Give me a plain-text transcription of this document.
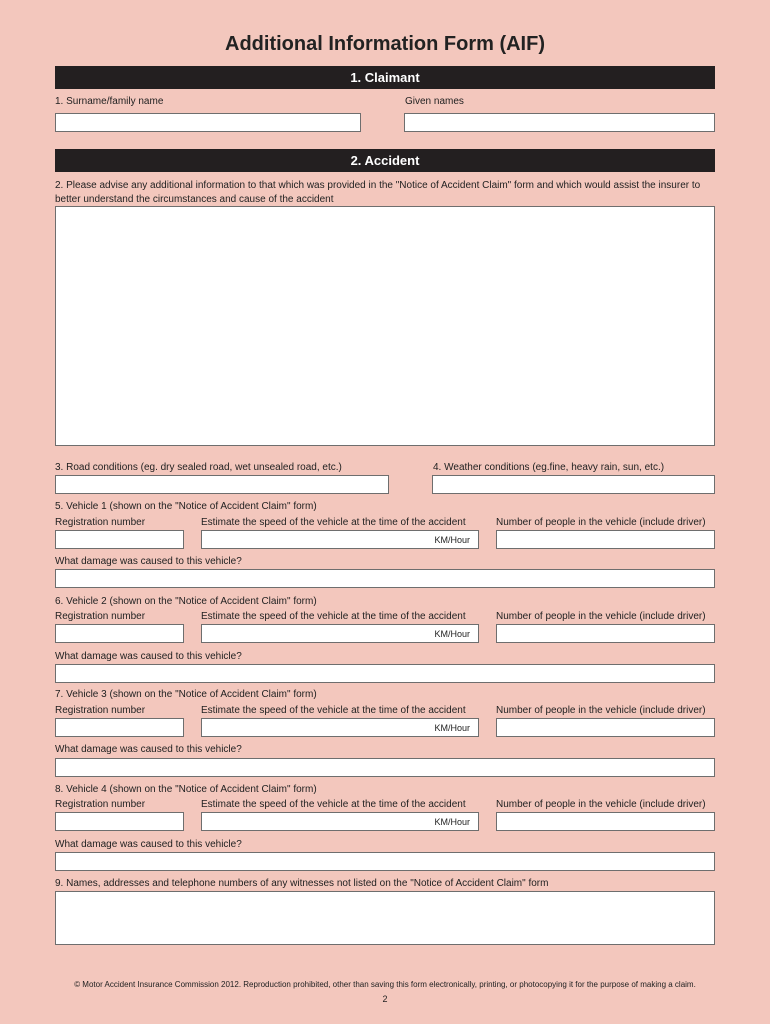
Additional Information Form (AIF)
1. Claimant
1. Surname/family name	Given names
2. Accident
2. Please advise any additional information to that which was provided in the "Notice of Accident Claim" form and which would assist the insurer to better understand the circumstances and cause of the accident
3. Road conditions (eg. dry sealed road, wet unsealed road, etc.)	4. Weather conditions (eg.fine, heavy rain, sun, etc.)
5. Vehicle 1 (shown on the "Notice of Accident Claim" form)
Registration number	Estimate the speed of the vehicle at the time of the accident	Number of people in the vehicle (include driver)
KM/Hour
What damage was caused to this vehicle?
6. Vehicle 2 (shown on the "Notice of Accident Claim" form)
Registration number	Estimate the speed of the vehicle at the time of the accident	Number of people in the vehicle (include driver)
KM/Hour
What damage was caused to this vehicle?
7. Vehicle 3 (shown on the "Notice of Accident Claim" form)
Registration number	Estimate the speed of the vehicle at the time of the accident	Number of people in the vehicle (include driver)
KM/Hour
What damage was caused to this vehicle?
8. Vehicle 4 (shown on the "Notice of Accident Claim" form)
Registration number	Estimate the speed of the vehicle at the time of the accident	Number of people in the vehicle (include driver)
KM/Hour
What damage was caused to this vehicle?
9. Names, addresses and telephone numbers of any witnesses not listed on the "Notice of Accident Claim" form
© Motor Accident Insurance Commission 2012. Reproduction prohibited, other than saving this form electronically, printing, or photocopying it for the purpose of making a claim.
2
